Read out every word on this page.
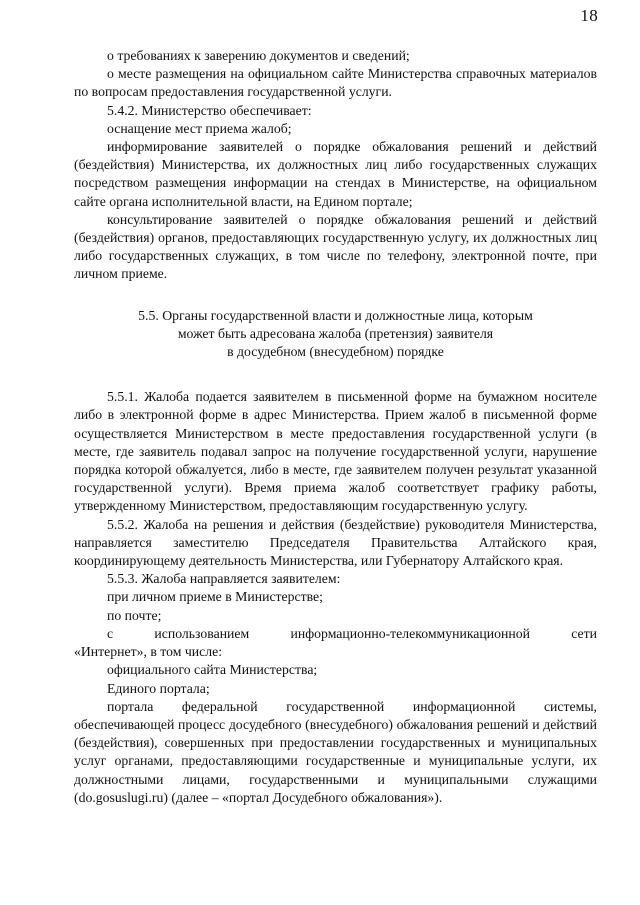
18

о требованиях к заверению документов и сведений;

о месте размещения на официальном сайте Министерства справочных материалов по вопросам предоставления государственной услуги.

5.4.2. Министерство обеспечивает:

оснащение мест приема жалоб;

информирование заявителей о порядке обжалования решений и действий (бездействия) Министерства, их должностных лиц либо государственных служащих посредством размещения информации на стендах в Министерстве, на официальном сайте органа исполнительной власти, на Едином портале;

консультирование заявителей о порядке обжалования решений и действий (бездействия) органов, предоставляющих государственную услугу, их должностных лиц либо государственных служащих, в том числе по телефону, электронной почте, при личном приеме.

5.5. Органы государственной власти и должностные лица, которым
может быть адресована жалоба (претензия) заявителя
в досудебном (внесудебном) порядке

5.5.1. Жалоба подается заявителем в письменной форме на бумажном носителе либо в электронной форме в адрес Министерства. Прием жалоб в письменной форме осуществляется Министерством в месте предоставления государственной услуги (в месте, где заявитель подавал запрос на получение государственной услуги, нарушение порядка которой обжалуется, либо в месте, где заявителем получен результат указанной государственной услуги). Время приема жалоб соответствует графику работы, утвержденному Министерством, предоставляющим государственную услугу.

5.5.2. Жалоба на решения и действия (бездействие) руководителя Министерства, направляется заместителю Председателя Правительства Алтайского края, координирующему деятельность Министерства, или Губернатору Алтайского края.

5.5.3. Жалоба направляется заявителем:

при личном приеме в Министерстве;

по почте;

с использованием информационно-телекоммуникационной сети

«Интернет», в том числе:

официального сайта Министерства;

Единого портала;

портала федеральной государственной информационной системы, обеспечивающей процесс досудебного (внесудебного) обжалования решений и действий (бездействия), совершенных при предоставлении государственных и муниципальных услуг органами, предоставляющими государственные и муниципальные услуги, их должностными лицами, государственными и муниципальными служащими (do.gosuslugi.ru) (далее – «портал Досудебного обжалования»).
